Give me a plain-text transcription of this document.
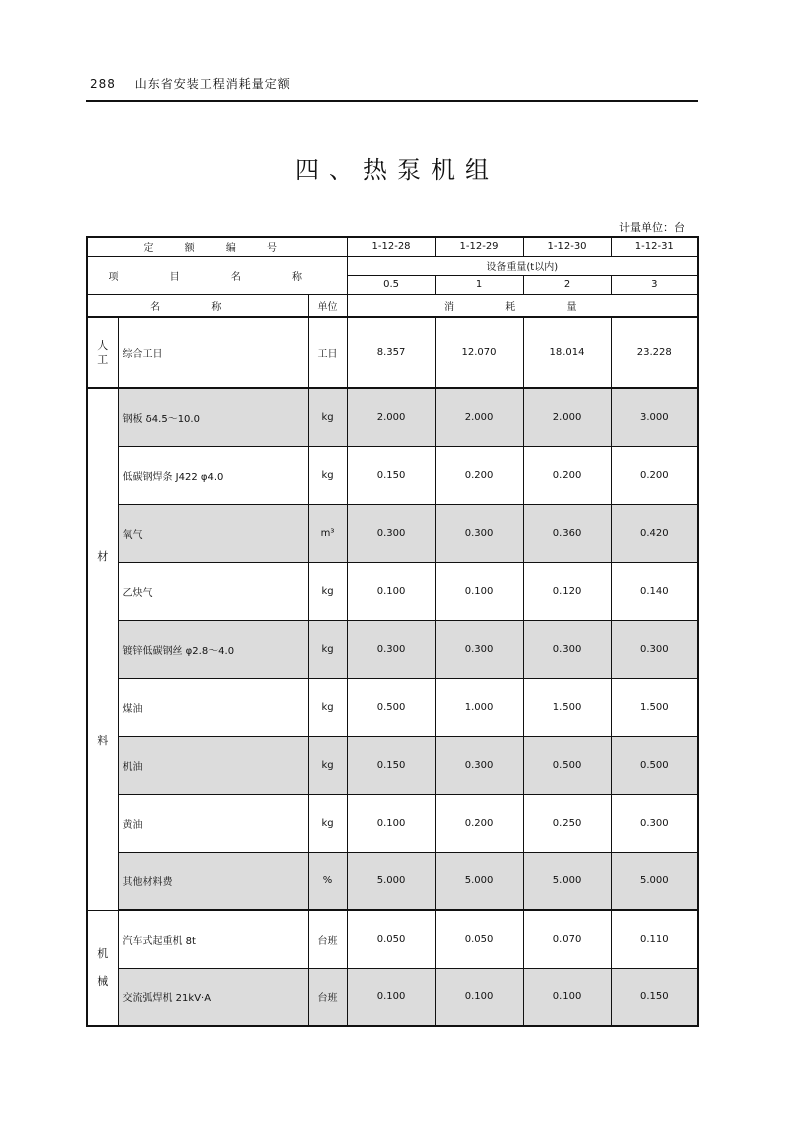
288 山东省安装工程消耗量定额
四、热泵机组
计量单位：台
定 额 编 号			1-12-28	1-12-29	1-12-30	1-12-31
项 目 名 称			设备重量(t以内)			
			0.5	1	2	3
名 称		单位	消 耗 量			

人
工	综合工日	工日	8.357	12.070	18.014	23.228

材
料	钢板 δ4.5～10.0	kg	2.000	2.000	2.000	3.000
	低碳钢焊条 J422 φ4.0	kg	0.150	0.200	0.200	0.200
	氧气	m³	0.300	0.300	0.360	0.420
	乙炔气	kg	0.100	0.100	0.120	0.140
	镀锌低碳钢丝 φ2.8～4.0	kg	0.300	0.300	0.300	0.300
	煤油	kg	0.500	1.000	1.500	1.500
	机油	kg	0.150	0.300	0.500	0.500
	黄油	kg	0.100	0.200	0.250	0.300
	其他材料费	%	5.000	5.000	5.000	5.000

机
械	汽车式起重机 8t	台班	0.050	0.050	0.070	0.110
	交流弧焊机 21kV·A	台班	0.100	0.100	0.100	0.150
